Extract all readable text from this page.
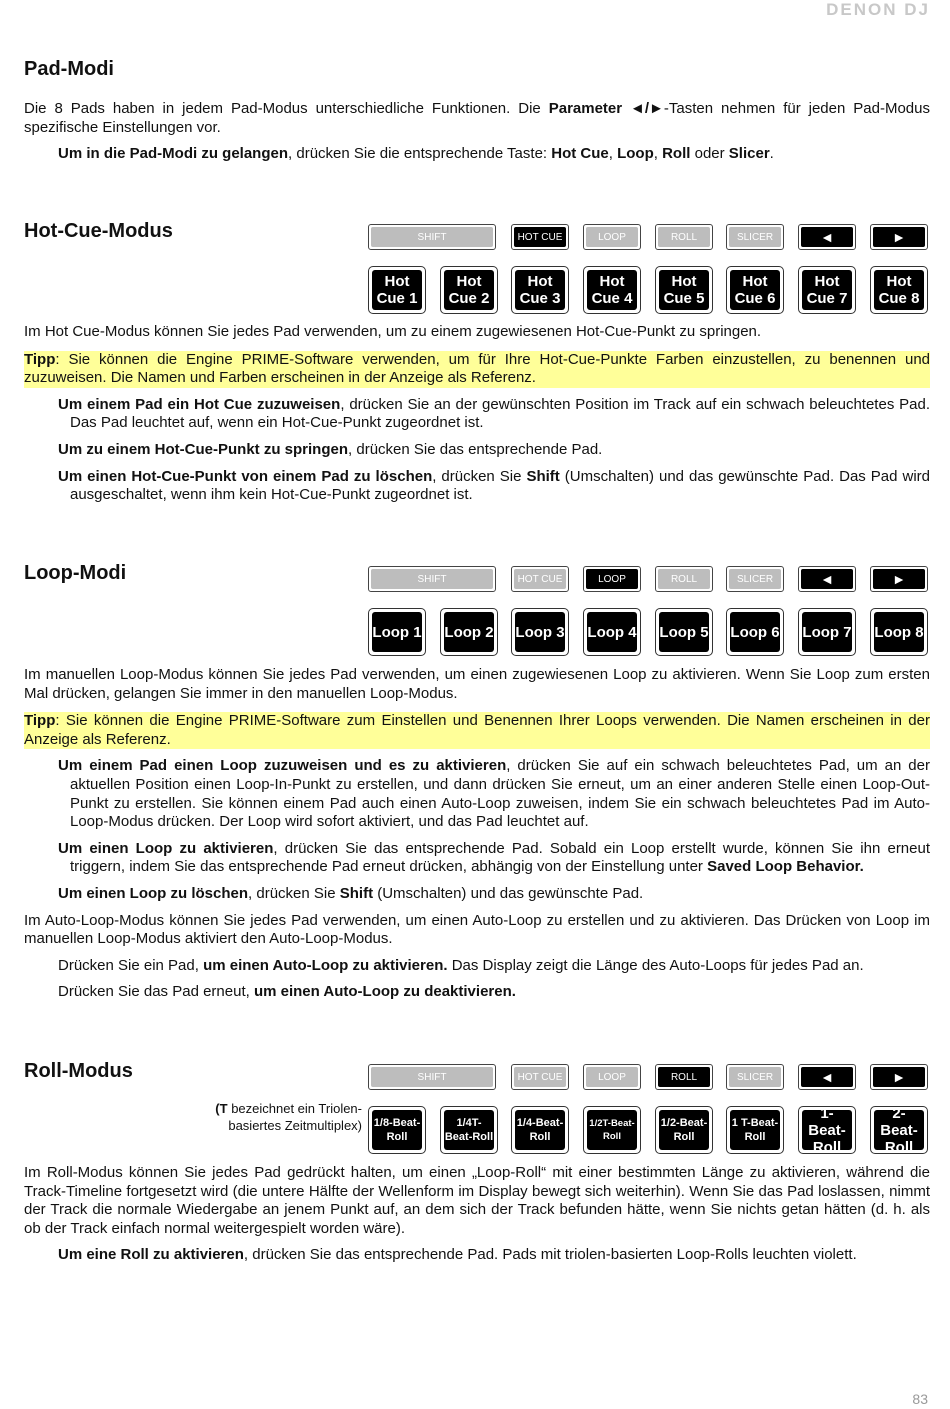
DENON DJ
Pad-Modi

Die 8 Pads haben in jedem Pad-Modus unterschiedliche Funktionen. Die Parameter ◄/►-Tasten nehmen für jeden Pad-Modus spezifische Einstellungen vor.

Um in die Pad-Modi zu gelangen, drücken Sie die entsprechende Taste: Hot Cue, Loop, Roll oder Slicer.

Hot-Cue-Modus	SHIFT	HOT CUE	LOOP	ROLL	SLICER	◄	►
Hot Cue 1
Hot Cue 2
Hot Cue 3
Hot Cue 4
Hot Cue 5
Hot Cue 6
Hot Cue 7
Hot Cue 8

Im Hot Cue-Modus können Sie jedes Pad verwenden, um zu einem zugewiesenen Hot-Cue-Punkt zu springen.

Tipp: Sie können die Engine PRIME-Software verwenden, um für Ihre Hot-Cue-Punkte Farben einzustellen, zu benennen und zuzuweisen. Die Namen und Farben erscheinen in der Anzeige als Referenz.

Um einem Pad ein Hot Cue zuzuweisen, drücken Sie an der gewünschten Position im Track auf ein schwach beleuchtetes Pad. Das Pad leuchtet auf, wenn ein Hot-Cue-Punkt zugeordnet ist.

Um zu einem Hot-Cue-Punkt zu springen, drücken Sie das entsprechende Pad.

Um einen Hot-Cue-Punkt von einem Pad zu löschen, drücken Sie Shift (Umschalten) und das gewünschte Pad. Das Pad wird ausgeschaltet, wenn ihm kein Hot-Cue-Punkt zugeordnet ist.

Loop-Modi	SHIFT	HOT CUE	LOOP	ROLL	SLICER	◄	►
Loop 1 Loop 2 Loop 3 Loop 4 Loop 5 Loop 6 Loop 7 Loop 8

Im manuellen Loop-Modus können Sie jedes Pad verwenden, um einen zugewiesenen Loop zu aktivieren. Wenn Sie Loop zum ersten Mal drücken, gelangen Sie immer in den manuellen Loop-Modus.

Tipp: Sie können die Engine PRIME-Software zum Einstellen und Benennen Ihrer Loops verwenden. Die Namen erscheinen in der Anzeige als Referenz.

Um einem Pad einen Loop zuzuweisen und es zu aktivieren, drücken Sie auf ein schwach beleuchtetes Pad, um an der aktuellen Position einen Loop-In-Punkt zu erstellen, und dann drücken Sie erneut, um an einer anderen Stelle einen Loop-Out-Punkt zu erstellen. Sie können einem Pad auch einen Auto-Loop zuweisen, indem Sie ein schwach beleuchtetes Pad im Auto-Loop-Modus drücken. Der Loop wird sofort aktiviert, und das Pad leuchtet auf.

Um einen Loop zu aktivieren, drücken Sie das entsprechende Pad. Sobald ein Loop erstellt wurde, können Sie ihn erneut triggern, indem Sie das entsprechende Pad erneut drücken, abhängig von der Einstellung unter Saved Loop Behavior.

Um einen Loop zu löschen, drücken Sie Shift (Umschalten) und das gewünschte Pad.

Im Auto-Loop-Modus können Sie jedes Pad verwenden, um einen Auto-Loop zu erstellen und zu aktivieren. Das Drücken von Loop im manuellen Loop-Modus aktiviert den Auto-Loop-Modus.

Drücken Sie ein Pad, um einen Auto-Loop zu aktivieren. Das Display zeigt die Länge des Auto-Loops für jedes Pad an.

Drücken Sie das Pad erneut, um einen Auto-Loop zu deaktivieren.

Roll-Modus	SHIFT	HOT CUE	LOOP	ROLL	SLICER	◄	►
(T bezeichnet ein Triolen-basiertes Zeitmultiplex) 1/8-Beat-Roll
1/4T-Beat-Roll
1/4-Beat-Roll
1/2T-Beat-Roll
1/2-Beat-Roll
1 T-Beat-Roll
1-Beat-Roll
2-Beat-Roll

Im Roll-Modus können Sie jedes Pad gedrückt halten, um einen „Loop-Roll“ mit einer bestimmten Länge zu aktivieren, während die Track-Timeline fortgesetzt wird (die untere Hälfte der Wellenform im Display bewegt sich weiterhin). Wenn Sie das Pad loslassen, nimmt der Track die normale Wiedergabe an jenem Punkt auf, an dem sich der Track befunden hätte, wenn Sie nichts getan hätten (d. h. als ob der Track einfach normal weitergespielt worden wäre).

Um eine Roll zu aktivieren, drücken Sie das entsprechende Pad. Pads mit triolen-basierten Loop-Rolls leuchten violett.

83
